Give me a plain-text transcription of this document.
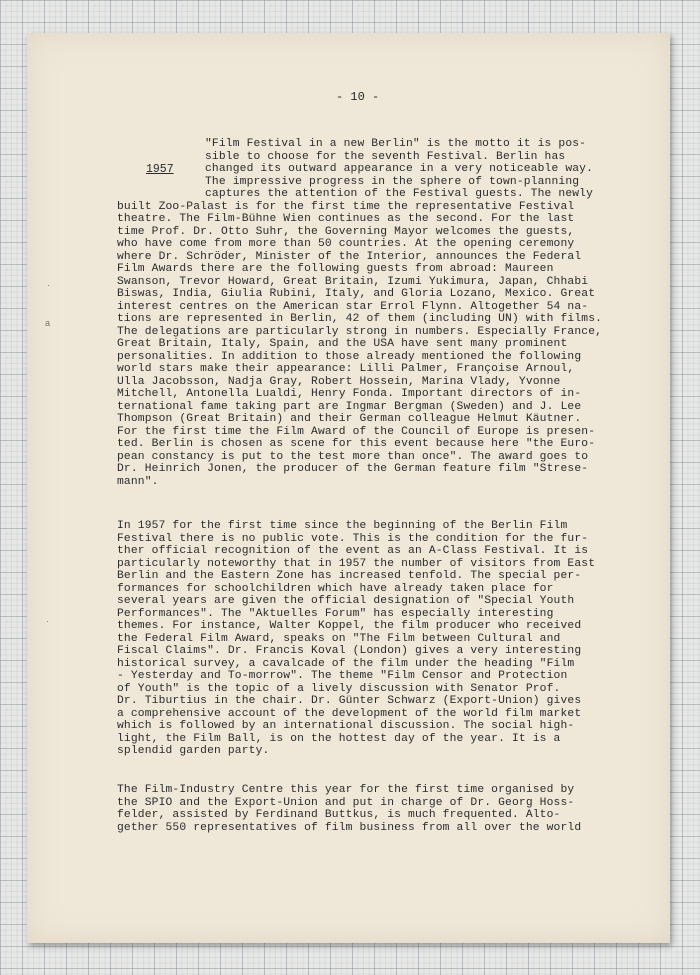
- 10 -
1957
·
a
·

"Film Festival in a new Berlin" is the motto it is pos-

sible to choose for the seventh Festival. Berlin has

changed its outward appearance in a very noticeable way.

The impressive progress in the sphere of town-planning

captures the attention of the Festival guests. The newly

built Zoo-Palast is for the first time the representative Festival

theatre. The Film-Bühne Wien continues as the second. For the last

time Prof. Dr. Otto Suhr, the Governing Mayor welcomes the guests,

who have come from more than 50 countries. At the opening ceremony

where Dr. Schröder, Minister of the Interior, announces the Federal

Film Awards there are the following guests from abroad: Maureen

Swanson, Trevor Howard, Great Britain, Izumi Yukimura, Japan, Chhabi

Biswas, India, Giulia Rubini, Italy, and Gloria Lozano, Mexico. Great

interest centres on the American star Errol Flynn. Altogether 54 na-

tions are represented in Berlin, 42 of them (including UN) with films.

The delegations are particularly strong in numbers. Especially France,

Great Britain, Italy, Spain, and the USA have sent many prominent

personalities. In addition to those already mentioned the following

world stars make their appearance: Lilli Palmer, Françoise Arnoul,

Ulla Jacobsson, Nadja Gray, Robert Hossein, Marina Vlady, Yvonne

Mitchell, Antonella Lualdi, Henry Fonda. Important directors of in-

ternational fame taking part are Ingmar Bergman (Sweden) and J. Lee

Thompson (Great Britain) and their German colleague Helmut Käutner.

For the first time the Film Award of the Council of Europe is presen-

ted. Berlin is chosen as scene for this event because here "the Euro-

pean constancy is put to the test more than once". The award goes to

Dr. Heinrich Jonen, the producer of the German feature film "Strese-

mann".

In 1957 for the first time since the beginning of the Berlin Film

Festival there is no public vote. This is the condition for the fur-

ther official recognition of the event as an A-Class Festival. It is

particularly noteworthy that in 1957 the number of visitors from East

Berlin and the Eastern Zone has increased tenfold. The special per-

formances for schoolchildren which have already taken place for

several years are given the official designation of "Special Youth

Performances". The "Aktuelles Forum" has especially interesting

themes. For instance, Walter Koppel, the film producer who received

the Federal Film Award, speaks on "The Film between Cultural and

Fiscal Claims". Dr. Francis Koval (London) gives a very interesting

historical survey, a cavalcade of the film under the heading "Film

- Yesterday and To-morrow". The theme "Film Censor and Protection

of Youth" is the topic of a lively discussion with Senator Prof.

Dr. Tiburtius in the chair. Dr. Günter Schwarz (Export-Union) gives

a comprehensive account of the development of the world film market

which is followed by an international discussion. The social high-

light, the Film Ball, is on the hottest day of the year. It is a

splendid garden party.

The Film-Industry Centre this year for the first time organised by

the SPIO and the Export-Union and put in charge of Dr. Georg Hoss-

felder, assisted by Ferdinand Buttkus, is much frequented. Alto-

gether 550 representatives of film business from all over the world
